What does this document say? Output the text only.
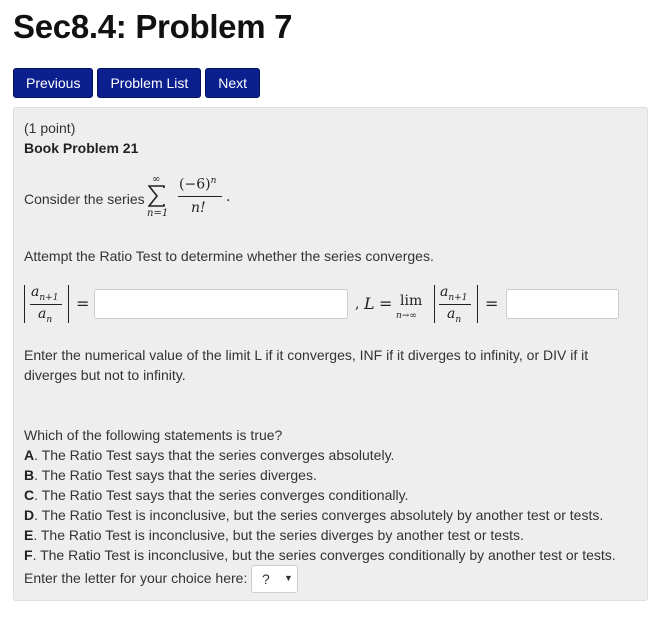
Sec8.4: Problem 7
Previous	Problem List	Next
(1 point)
Book Problem 21
Consider the series
∞
n=1
$(-6)^n$
n!
.
Attempt the Ratio Test to determine whether the series converges.
$a_{n+1}$
$a_n$
=	, L = lim
n→∞
$a_{n+1}$
$a_n$
=
Enter the numerical value of the limit L if it converges, INF if it diverges to infinity, or DIV if it
diverges but not to infinity.
Which of the following statements is true?
A. The Ratio Test says that the series converges absolutely.
B. The Ratio Test says that the series diverges.
C. The Ratio Test says that the series converges conditionally.
D. The Ratio Test is inconclusive, but the series converges absolutely by another test or tests.
E. The Ratio Test is inconclusive, but the series diverges by another test or tests.
F. The Ratio Test is inconclusive, but the series converges conditionally by another test or tests.
Enter the letter for your choice here: ? ▼
